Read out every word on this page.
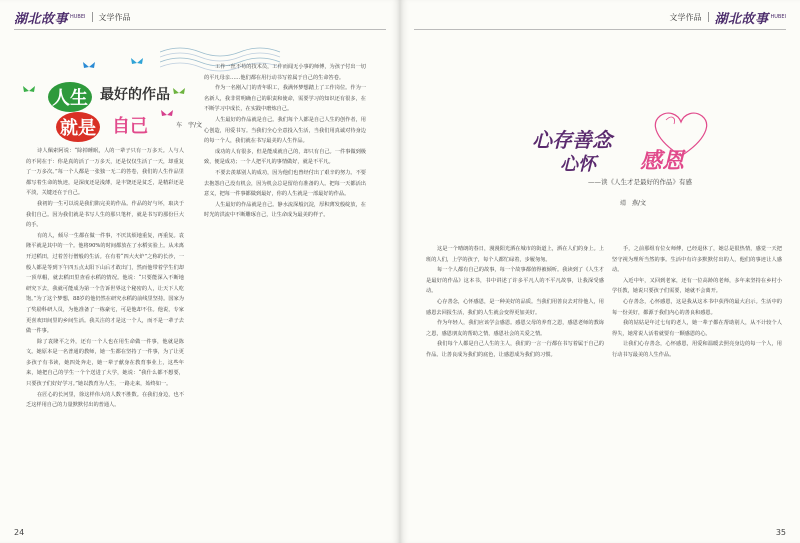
湖北故事 HUBEI 文学作品
人生 最好的作品
就是 自己	车　宇/文

诗人佩索阿说：“除掉睡眠，人的一辈子只有一万多天。人与人的不同在于：你是真的活了一万多天，还是仅仅生活了一天，却重复了一万多次。”每一个人都是一张独一无二的答卷，我们的人生作品里都写着生命的轨迹，是深度还是浅薄，是丰饶还是贫乏，是精彩还是平淡，关键还在于自己。

我初的一生可以说是我们陷完美的作品。作品的好与坏，取决于我们自己。因为我们就是书写人生的那只笔杆，就是书写的那份巨大的手。

有的人，倾尽一生都在做一件事，不厌其烦地重复，再重复。袁隆平就是其中的一个。他将90%的时间都放在了水稻实验上。从未离开过稻田，过着苦行僧般的生活。在有着“四大火炉”之称的长沙，一般人都是等到下午四五点太阳下山后才敢出门，然而他带着学生们却一顶草帽，就去稻田里查看水稻的情况。他说：“只要能深入不断地研究下去，我就可能成为第一个告诉世界这个秘密的人，让天下人吃饱。”为了这个梦想，88岁的他仍然在研究水稻的前线里坚持。国家为了奖励科研人员，为他准备了一栋豪宅，可是他却不住。他说，专家更喜欢田间里的乡间生活。我关注的才是这一个人，而不是一辈子去做一件事。

除了袁隆平之外，还有一个人也在用生命做一件事，他就是陈文。她原本是一名普通的教师，她一生都在坚持了一件事，为了让更多孩子有书读，她四处奔走，她一辈子献身在教育事业上，这些年来，她把自己的学生一个个送进了大学，她说：“我什么都不想要，只要孩子们好好学习。”她以教育为人生，一路走来，始终如一。

在匠心的长河里，徐这样伟大的人数不胜数。在我们身边，也不乏这样用自己的力量默默付出的普通人。

工作一丝不苟的技术员，工作而闻无小事的师傅，为孩子付出一切的平凡母亲……他们都在用行动书写着属于自己的生命答卷。

作为一名刚入门的青年职工，我满怀梦想踏上了工作岗位。作为一名新人，我非常明确自己的职责和使命，需要学习的知识还有很多，在不断学习中成长，在实践中磨炼自己。

人生最好的作品就是自己。我们每个人都是自己人生的创作者，用心创造，用爱书写。当我们全心全意投入生活，当我们用真诚对待身边的每一个人，我们就在书写最美的人生作品。

成功的人有很多，但是能成就自己的，却只有自己。一件事做到极致，便是成功；一个人把平凡的事情做好，就是不平凡。

不要去羡慕别人的成功，因为他们也曾经付出了艰辛的努力。不要去抱怨自己没有机会，因为机会总是留给有准备的人。把每一天都活出意义，把每一件事都做到最好，你的人生就是一部最好的作品。

人生最好的作品就是自己。静水流深般沉淀，厚积薄发般绽放，在时光的洪流中不断雕琢自己，让生命成为最美的样子。

24
文学作品 湖北故事 HUBEI
心存善念
心怀 感恩
——读《人生才是最好的作品》有感
靖　燕/文

这是一个晴朗的春日，漫漫阳光洒在城市的街道上，洒在人们的身上。上班的人们，上学的孩子，每个人都忙碌着，步履匆匆。

每一个人都有自己的故事，每一个故事都值得被倾听。我读到了《人生才是最好的作品》这本书，书中讲述了许多平凡人的不平凡故事，让我深受感动。

心存善念，心怀感恩，是一种美好的品质。当我们用善良去对待他人，用感恩去回报生活，我们的人生就会变得更加美好。

作为年轻人，我们应该学会感恩。感恩父母的养育之恩，感恩老师的教诲之恩，感恩朋友的帮助之情，感恩社会的关爱之情。

我们每个人都是自己人生的主人，我们的一言一行都在书写着属于自己的作品。让善良成为我们的底色，让感恩成为我们的习惯。

手，之前那组有位女师傅，已经退休了，她总是很热情，感觉一天把坚守视为理所当然的事。生活中有许多默默付出的人，他们的事迹让人感动。

入近中年，又回到老家，还有一位高龄的老师，多年来坚持在乡村小学任教，她说只要孩子们需要，她就不会离开。

心存善念，心怀感恩，这是我从这本书中获得的最大启示。生活中的每一份美好，都源于我们内心的善良和感恩。

我的姑姑是年过七旬的老人，她一辈子都在帮助别人，从不计较个人得失，她常说人活着就要有一颗感恩的心。

让我们心存善念，心怀感恩，用爱和温暖去照亮身边的每一个人，用行动书写最美的人生作品。

35
